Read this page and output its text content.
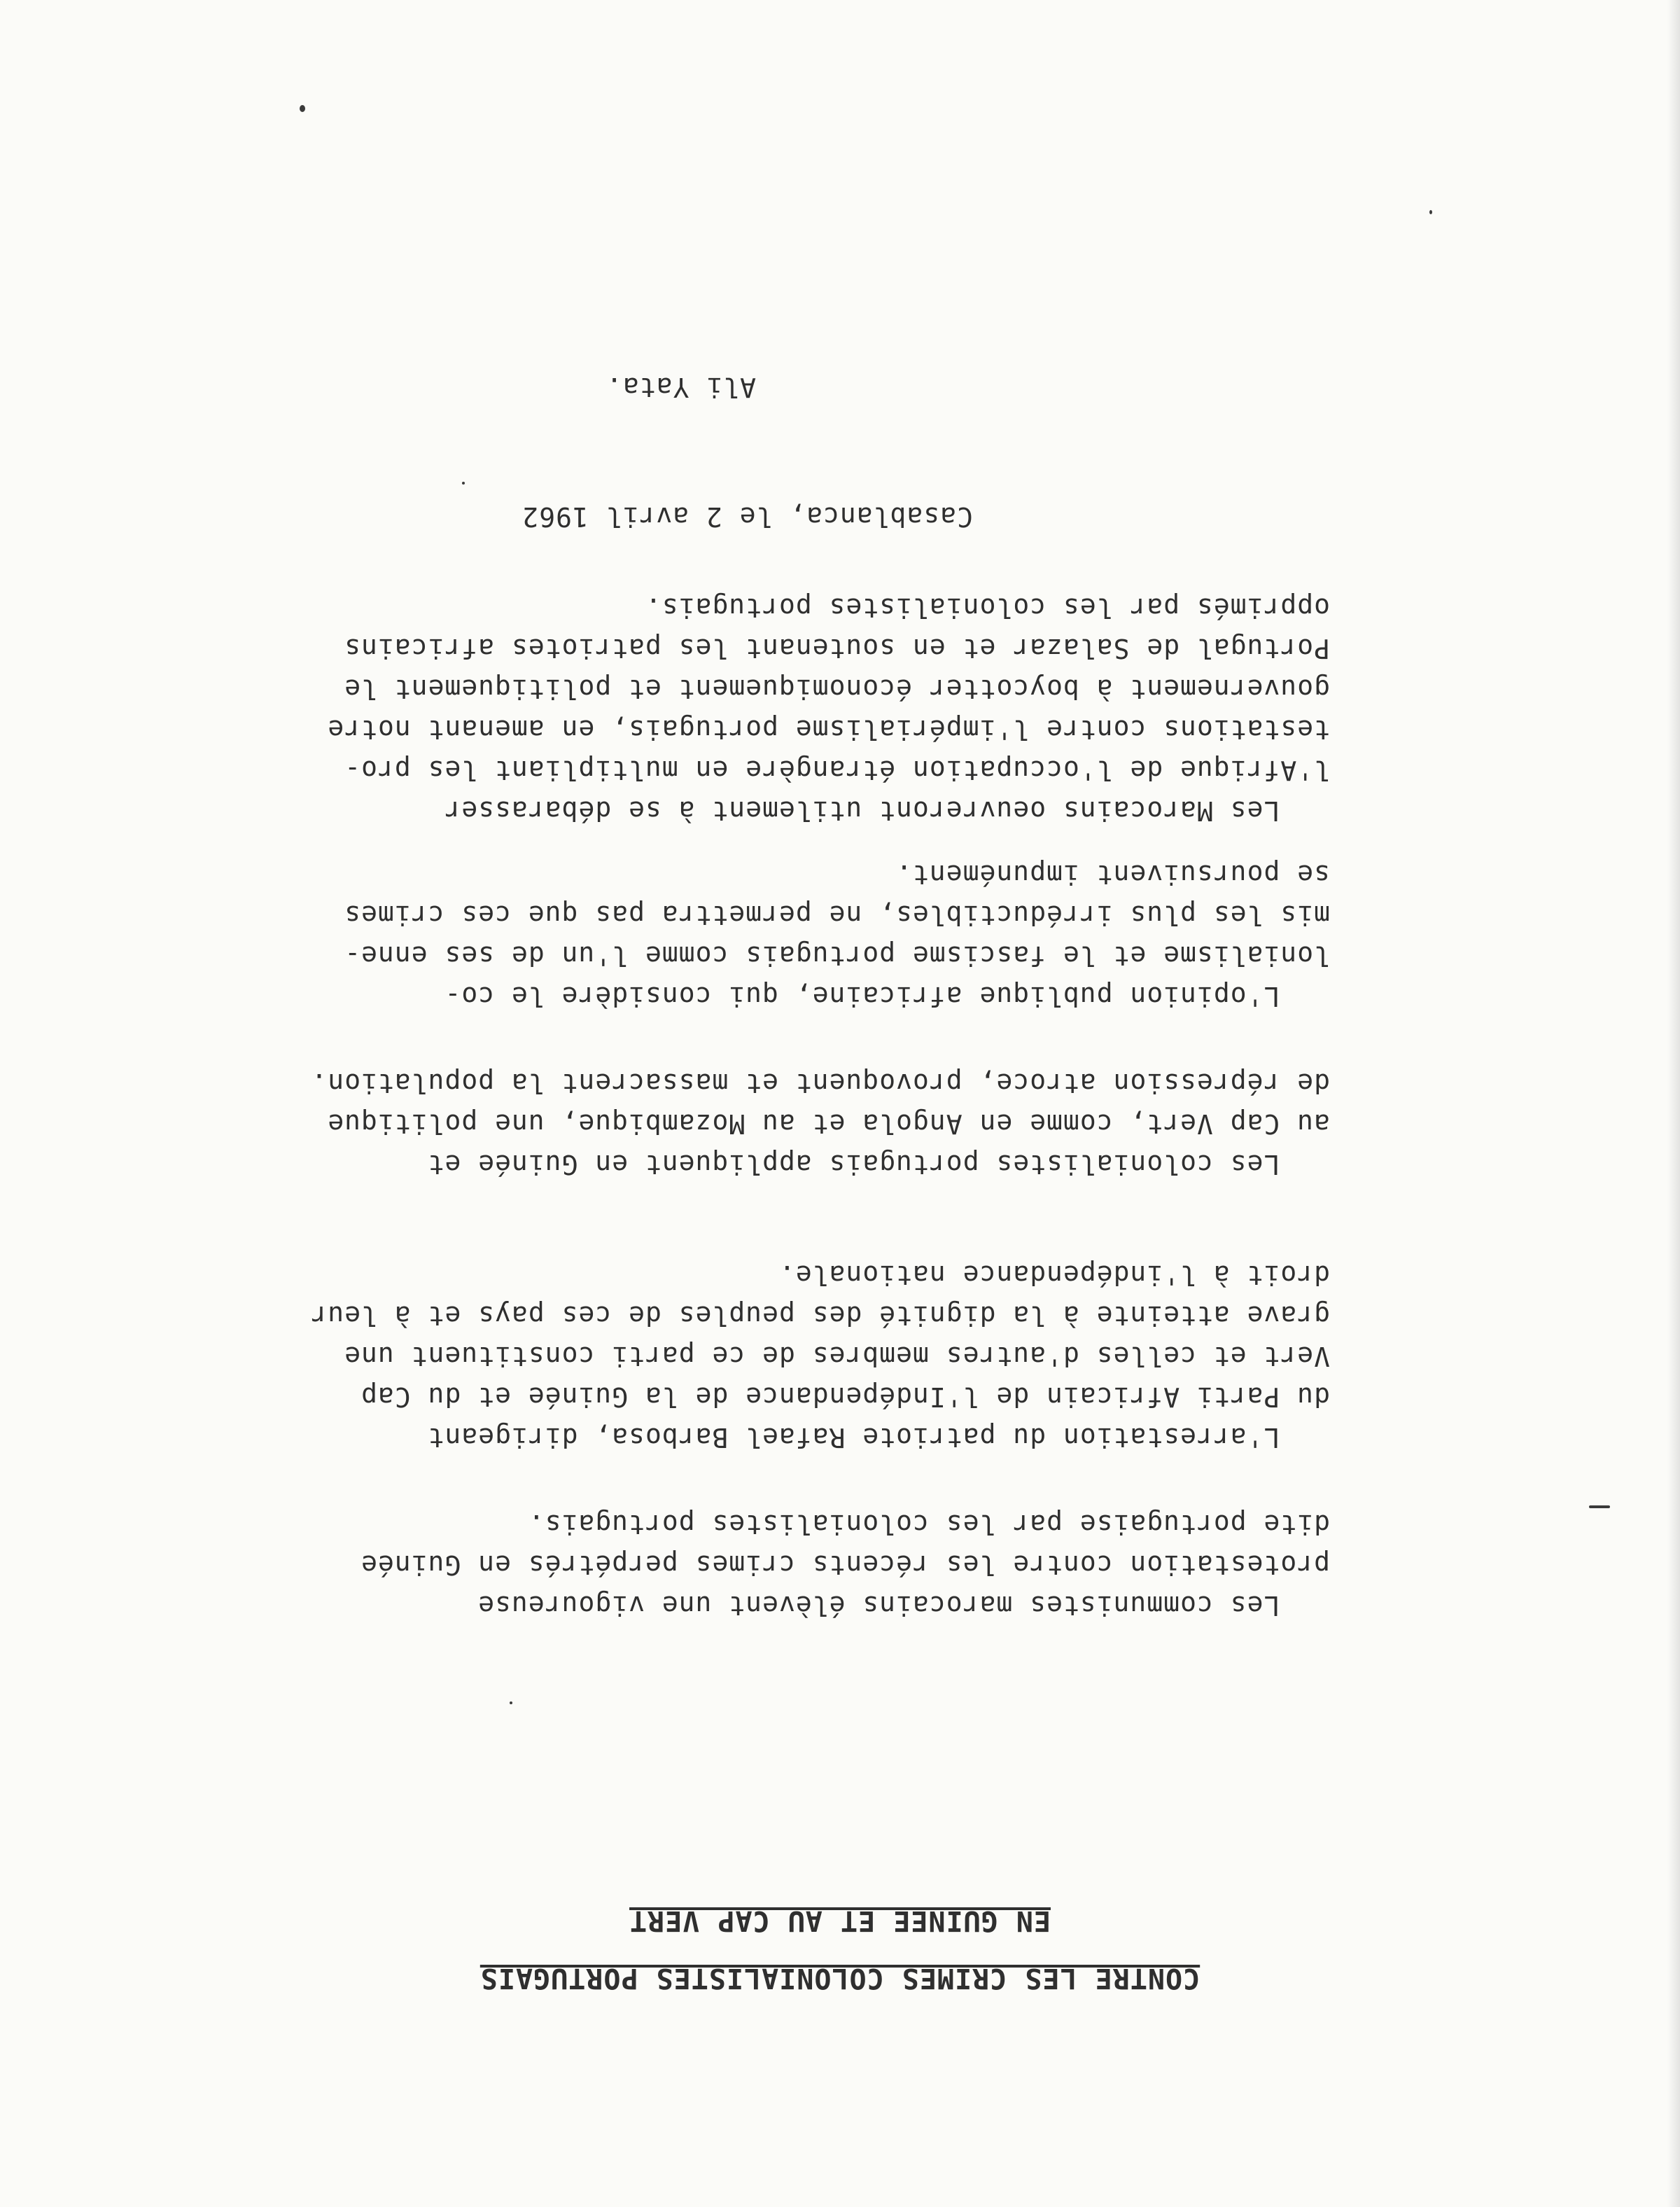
CONTRE LES CRIMES COLONIALISTES PORTUGAIS
EN GUINEE ET AU CAP VERT
Les communistes marocains élèvent une vigoureuse
protestation contre les récents crimes perpétrés en Guinée
dite portugaise par les colonialistes portugais.
L'arrestation du patriote Rafael Barbosa, dirigeant
du Parti Africain de l'Indépendance de la Guinée et du Cap
Vert et celles d'autres membres de ce parti constituent une
grave atteinte à la dignité des peuples de ces pays et à leur
droit à l'indépendance nationale.
Les colonialistes portugais appliquent en Guinée et
au Cap Vert, comme en Angola et au Mozambique, une politique
de répression atroce, provoquent et massacrent la population.
L'opinion publique africaine, qui considère le co-
lonialisme et le fascisme portugais comme l'un de ses enne-
mis les plus irréductibles, ne permettra pas que ces crimes
se poursuivent impunément.
Les Marocains oeuvreront utilement à se débarasser
l'Afrique de l'occupation étrangère en multipliant les pro-
testations contre l'impérialisme portugais, en amenant notre
gouvernement à boycotter économiquement et politiquement le
Portugal de Salazar et en soutenant les patriotes africains
opprimés par les colonialistes portugais.
Casablanca, le 2 avril 1962
Ali Yata.
